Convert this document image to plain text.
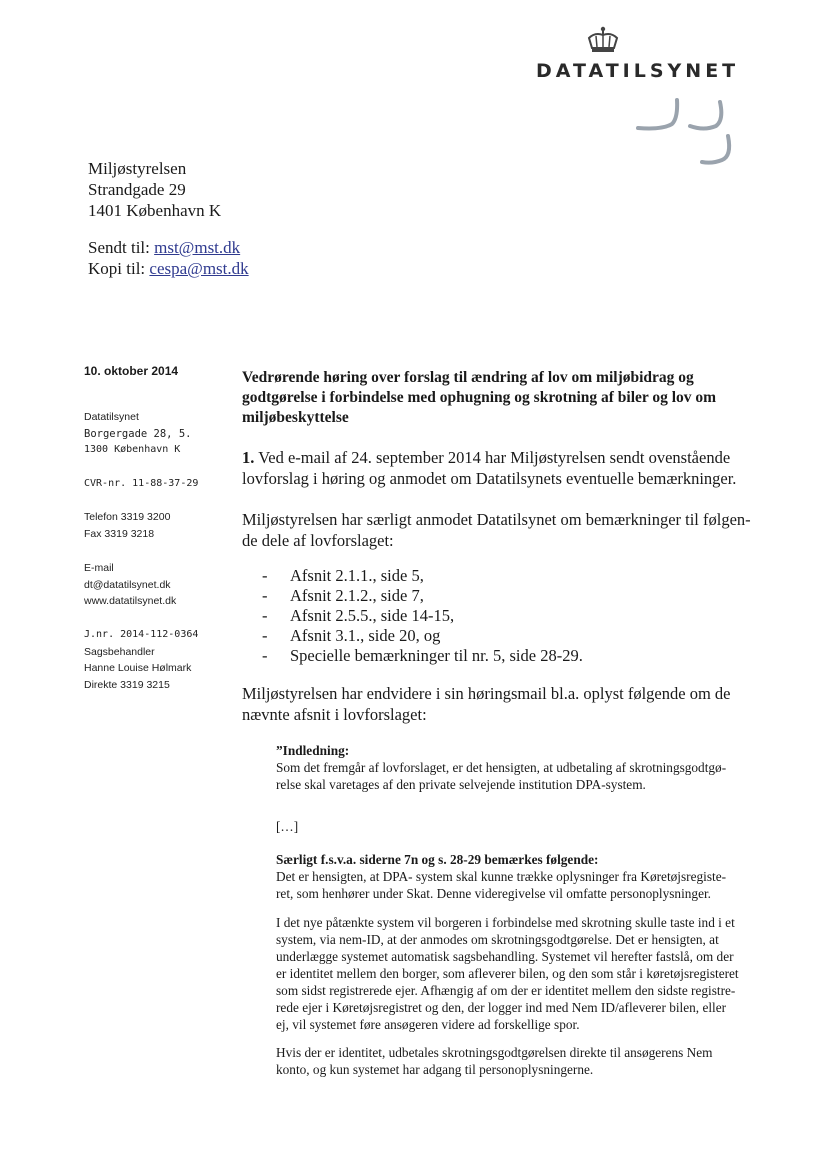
DATATILSYNET
Miljøstyrelsen
Strandgade 29
1401 København K
Sendt til: mst@mst.dk
Kopi til: cespa@mst.dk
10. oktober 2014
Datatilsynet
Borgergade 28, 5.
1300 København K
CVR-nr. 11-88-37-29
Telefon 3319 3200
Fax 3319 3218
E-mail
dt@datatilsynet.dk
www.datatilsynet.dk
J.nr. 2014-112-0364
Sagsbehandler
Hanne Louise Hølmark
Direkte 3319 3215
Vedrørende høring over forslag til ændring af lov om miljøbidrag og
godtgørelse i forbindelse med ophugning og skrotning af biler og lov om
miljøbeskyttelse
1. Ved e-mail af 24. september 2014 har Miljøstyrelsen sendt ovenstående
lovforslag i høring og anmodet om Datatilsynets eventuelle bemærkninger.
Miljøstyrelsen har særligt anmodet Datatilsynet om bemærkninger til følgen-
de dele af lovforslaget:
-	Afsnit 2.1.1., side 5,
-	Afsnit 2.1.2., side 7,
-	Afsnit 2.5.5., side 14-15,
-	Afsnit 3.1., side 20, og
-	Specielle bemærkninger til nr. 5, side 28-29.
Miljøstyrelsen har endvidere i sin høringsmail bl.a. oplyst følgende om de
nævnte afsnit i lovforslaget:
”Indledning:
Som det fremgår af lovforslaget, er det hensigten, at udbetaling af skrotningsgodtgø-
relse skal varetages af den private selvejende institution DPA-system.
[…]
Særligt f.s.v.a. siderne 7n og s. 28-29 bemærkes følgende:
Det er hensigten, at DPA- system skal kunne trække oplysninger fra Køretøjsregiste-
ret, som henhører under Skat. Denne videregivelse vil omfatte personoplysninger.
I det nye påtænkte system vil borgeren i forbindelse med skrotning skulle taste ind i et
system, via nem-ID, at der anmodes om skrotningsgodtgørelse. Det er hensigten, at
underlægge systemet automatisk sagsbehandling. Systemet vil herefter fastslå, om der
er identitet mellem den borger, som afleverer bilen, og den som står i køretøjsregisteret
som sidst registrerede ejer. Afhængig af om der er identitet mellem den sidste registre-
rede ejer i Køretøjsregistret og den, der logger ind med Nem ID/afleverer bilen, eller
ej, vil systemet føre ansøgeren videre ad forskellige spor.
Hvis der er identitet, udbetales skrotningsgodtgørelsen direkte til ansøgerens Nem
konto, og kun systemet har adgang til personoplysningerne.
